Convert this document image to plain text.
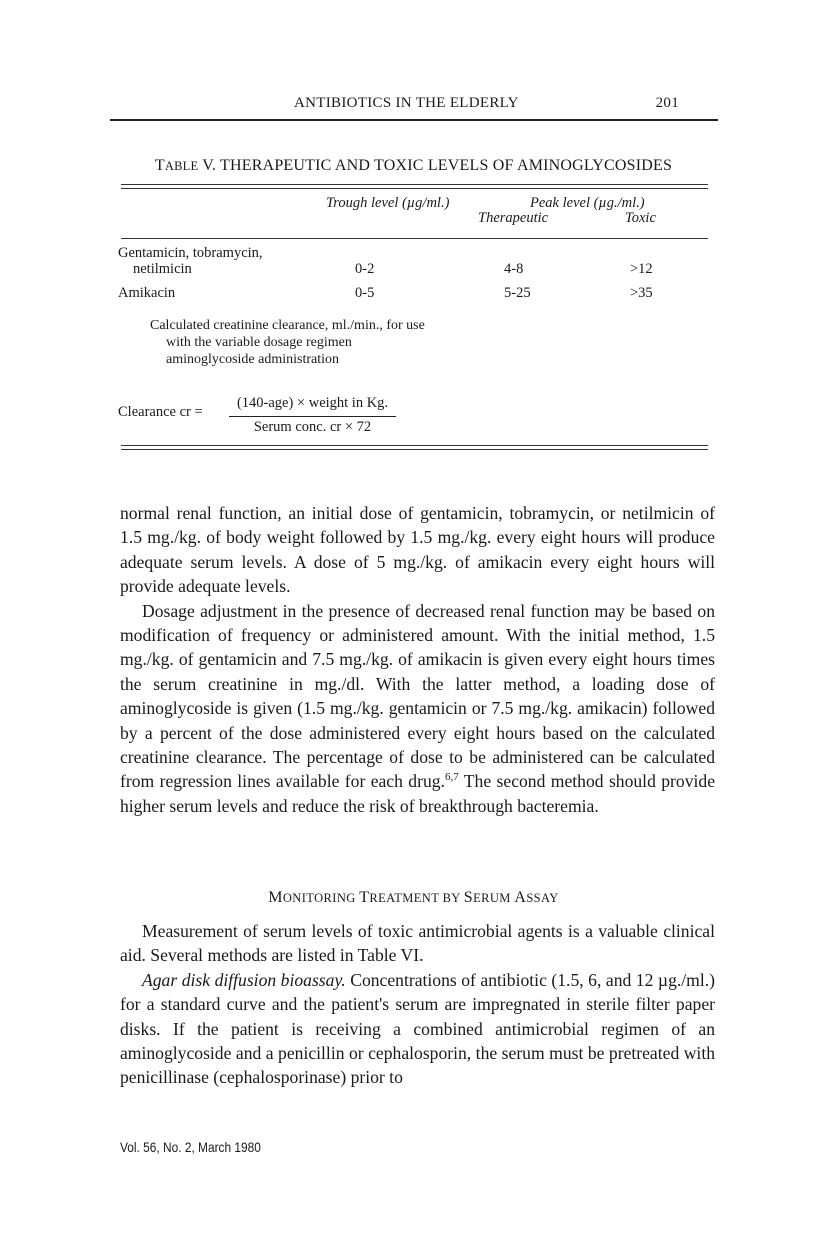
ANTIBIOTICS IN THE ELDERLY	201
TABLE V. THERAPEUTIC AND TOXIC LEVELS OF AMINOGLYCOSIDES
Trough level (µg/ml.)	Peak level (µg./ml.)
Therapeutic	Toxic
Gentamicin, tobramycin,
netilmicin	0-2	4-8	>12
Amikacin	0-5	5-25	>35
Calculated creatinine clearance, ml./min., for use
with the variable dosage regimen
aminoglycoside administration
Clearance cr =
(140-age) × weight in Kg.
Serum conc. cr × 72

normal renal function, an initial dose of gentamicin, tobramycin, or netilmicin of 1.5 mg./kg. of body weight followed by 1.5 mg./kg. every eight hours will produce adequate serum levels. A dose of 5 mg./kg. of amikacin every eight hours will provide adequate levels.

Dosage adjustment in the presence of decreased renal function may be based on modification of frequency or administered amount. With the initial method, 1.5 mg./kg. of gentamicin and 7.5 mg./kg. of amikacin is given every eight hours times the serum creatinine in mg./dl. With the latter method, a loading dose of aminoglycoside is given (1.5 mg./kg. gentamicin or 7.5 mg./kg. amikacin) followed by a percent of the dose administered every eight hours based on the calculated creatinine clearance. The percentage of dose to be administered can be calculated from regression lines available for each drug.$^{6,7}$ The second method should provide higher serum levels and reduce the risk of breakthrough bacteremia.

MONITORING TREATMENT BY SERUM ASSAY

Measurement of serum levels of toxic antimicrobial agents is a valuable clinical aid. Several methods are listed in Table VI.

Agar disk diffusion bioassay. Concentrations of antibiotic (1.5, 6, and 12 µg./ml.) for a standard curve and the patient's serum are impregnated in sterile filter paper disks. If the patient is receiving a combined antimicrobial regimen of an aminoglycoside and a penicillin or cephalosporin, the serum must be pretreated with penicillinase (cephalosporinase) prior to

Vol. 56, No. 2, March 1980
